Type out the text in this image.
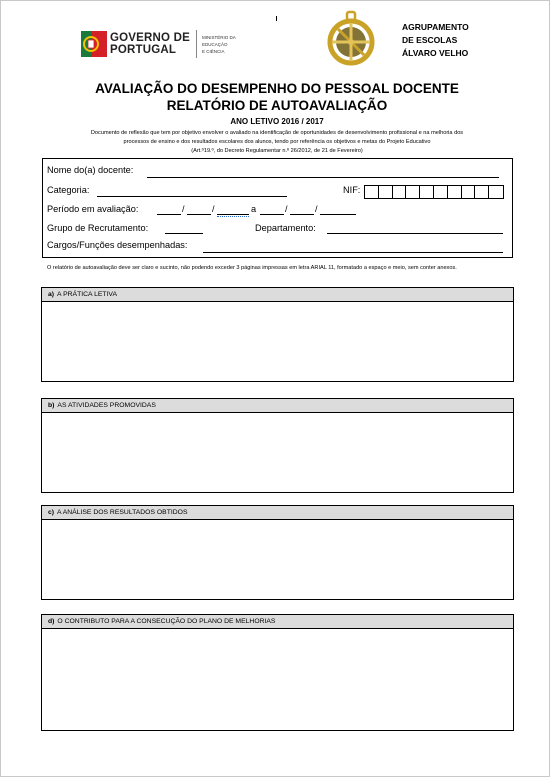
GOVERNO DE
PORTUGAL
MINISTÉRIO DA EDUCAÇÃO
E CIÊNCIA
AGRUPAMENTO
DE ESCOLAS
ÁLVARO VELHO
AVALIAÇÃO DO DESEMPENHO DO PESSOAL DOCENTE
RELATÓRIO DE AUTOAVALIAÇÃO
ANO LETIVO 2016 / 2017
Documento de reflexão que tem por objetivo envolver o avaliado na identificação de oportunidades de desenvolvimento profissional e na melhoria dos
processos de ensino e dos resultados escolares dos alunos, tendo por referência os objetivos e metas do Projeto Educativo
(Art.º19.º, do Decreto Regulamentar n.º 26/2012, de 21 de Fevereiro)
Nome do(a) docente:
Categoria:	NIF:
Período em avaliação:	/	/	a	/	/
Grupo de Recrutamento:	Departamento:
Cargos/Funções desempenhadas:
O relatório de autoavaliação deve ser claro e sucinto, não podendo exceder 3 páginas impressas em letra ARIAL 11, formatado a espaço e meio, sem conter anexos.
a) A PRÁTICA LETIVA
b) AS ATIVIDADES PROMOVIDAS
c) A ANÁLISE DOS RESULTADOS OBTIDOS
d) O CONTRIBUTO PARA A CONSECUÇÃO DO PLANO DE MELHORIAS
